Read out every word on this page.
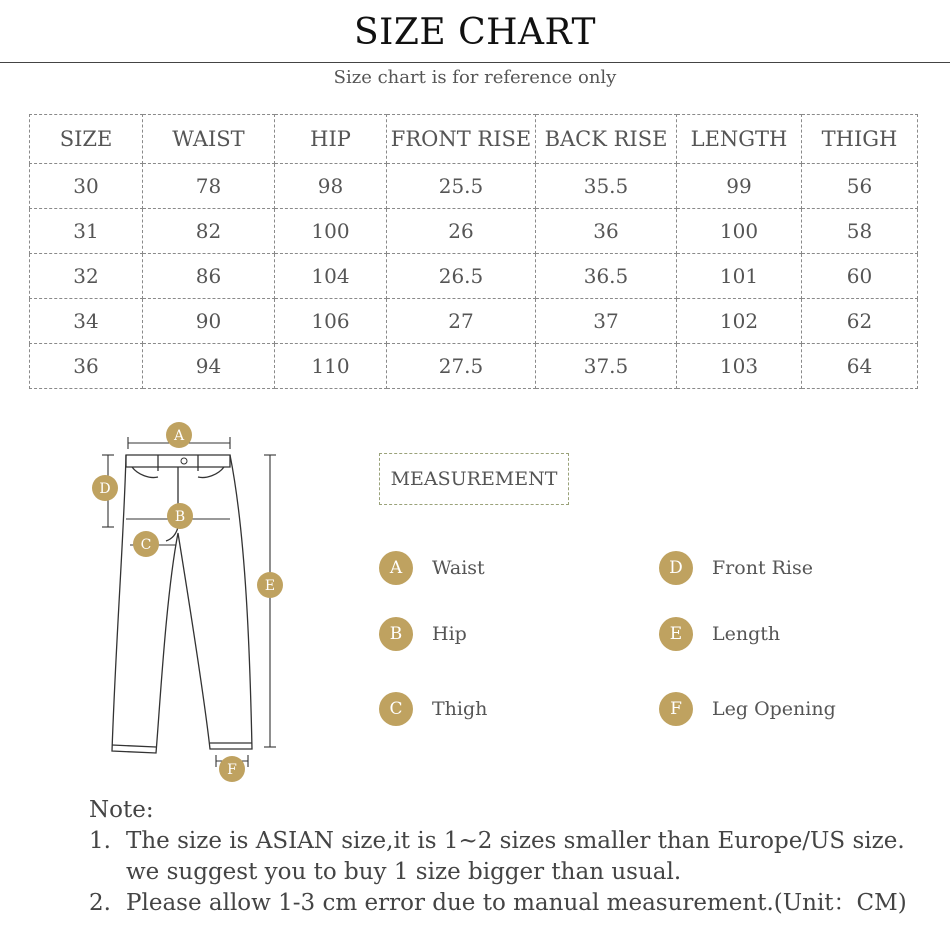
SIZE CHART
Size chart is for reference only
SIZE	WAIST	HIP	FRONT RISE	BACK RISE	LENGTH	THIGH
30	78	98	25.5	35.5	99	56
31	82	100	26	36	100	58
32	86	104	26.5	36.5	101	60
34	90	106	27	37	102	62
36	94	110	27.5	37.5	103	64
A
B
C
D
E
F
MEASUREMENT
A	Waist
B	Hip
C	Thigh
D	Front Rise
E	Length
F	Leg Opening
Note:
1. The size is ASIAN size,it is 1~2 sizes smaller than Europe/US size.
we suggest you to buy 1 size bigger than usual.
2. Please allow 1-3 cm error due to manual measurement.(Unit：CM)
